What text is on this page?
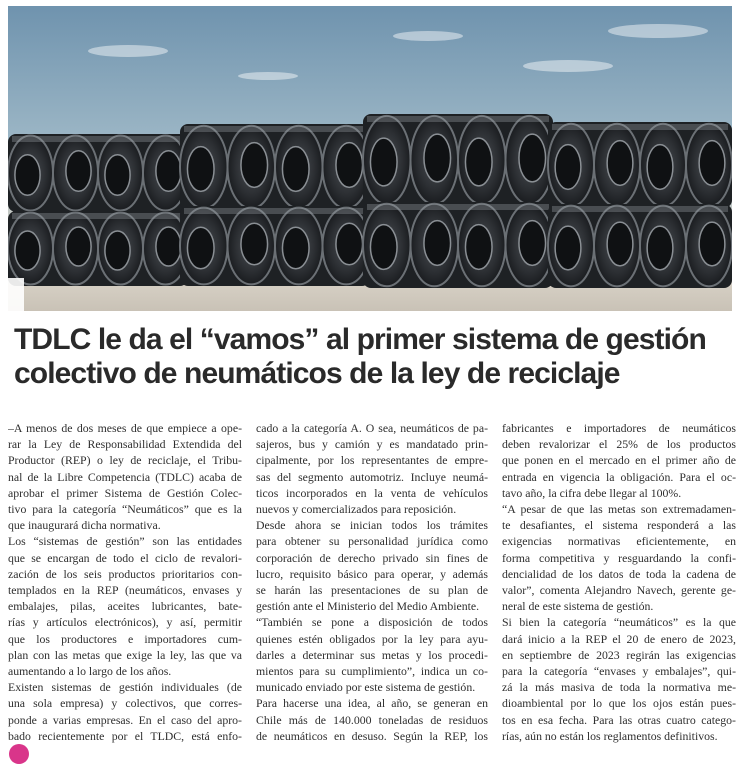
TDLC le da el “vamos” al primer sistema de gestión
colectivo de neumáticos de la ley de reciclaje

–A menos de dos meses de que empiece a ope-
rar la Ley de Responsabilidad Extendida del
Productor (REP) o ley de reciclaje, el Tribu-
nal de la Libre Competencia (TDLC) acaba de
aprobar el primer Sistema de Gestión Colec-
tivo para la categoría “Neumáticos” que es la
que inaugurará dicha normativa.

Los “sistemas de gestión” son las entidades
que se encargan de todo el ciclo de revalori-
zación de los seis productos prioritarios con-
templados en la REP (neumáticos, envases y
embalajes, pilas, aceites lubricantes, bate-
rías y artículos electrónicos), y así, permitir
que los productores e importadores cum-
plan con las metas que exige la ley, las que va
aumentando a lo largo de los años.

Existen sistemas de gestión individuales (de
una sola empresa) y colectivos, que corres-
ponde a varias empresas. En el caso del apro-
bado recientemente por el TLDC, está enfo-

cado a la categoría A. O sea, neumáticos de pa-
sajeros, bus y camión y es mandatado prin-
cipalmente, por los representantes de empre-
sas del segmento automotriz. Incluye neumá-
ticos incorporados en la venta de vehículos
nuevos y comercializados para reposición.

Desde ahora se inician todos los trámites
para obtener su personalidad jurídica como
corporación de derecho privado sin fines de
lucro, requisito básico para operar, y además
se harán las presentaciones de su plan de
gestión ante el Ministerio del Medio Ambiente.

“También se pone a disposición de todos
quienes estén obligados por la ley para ayu-
darles a determinar sus metas y los procedi-
mientos para su cumplimiento”, indica un co-
municado enviado por este sistema de gestión.

Para hacerse una idea, al año, se generan en
Chile más de 140.000 toneladas de residuos
de neumáticos en desuso. Según la REP, los

fabricantes e importadores de neumáticos
deben revalorizar el 25% de los productos
que ponen en el mercado en el primer año de
entrada en vigencia la obligación. Para el oc-
tavo año, la cifra debe llegar al 100%.

“A pesar de que las metas son extremadamen-
te desafiantes, el sistema responderá a las
exigencias normativas eficientemente, en
forma competitiva y resguardando la confi-
dencialidad de los datos de toda la cadena de
valor”, comenta Alejandro Navech, gerente ge-
neral de este sistema de gestión.

Si bien la categoría “neumáticos” es la que
dará inicio a la REP el 20 de enero de 2023,
en septiembre de 2023 regirán las exigencias
para la categoría “envases y embalajes”, qui-
zá la más masiva de toda la normativa me-
dioambiental por lo que los ojos están pues-
tos en esa fecha. Para las otras cuatro catego-
rías, aún no están los reglamentos definitivos.
